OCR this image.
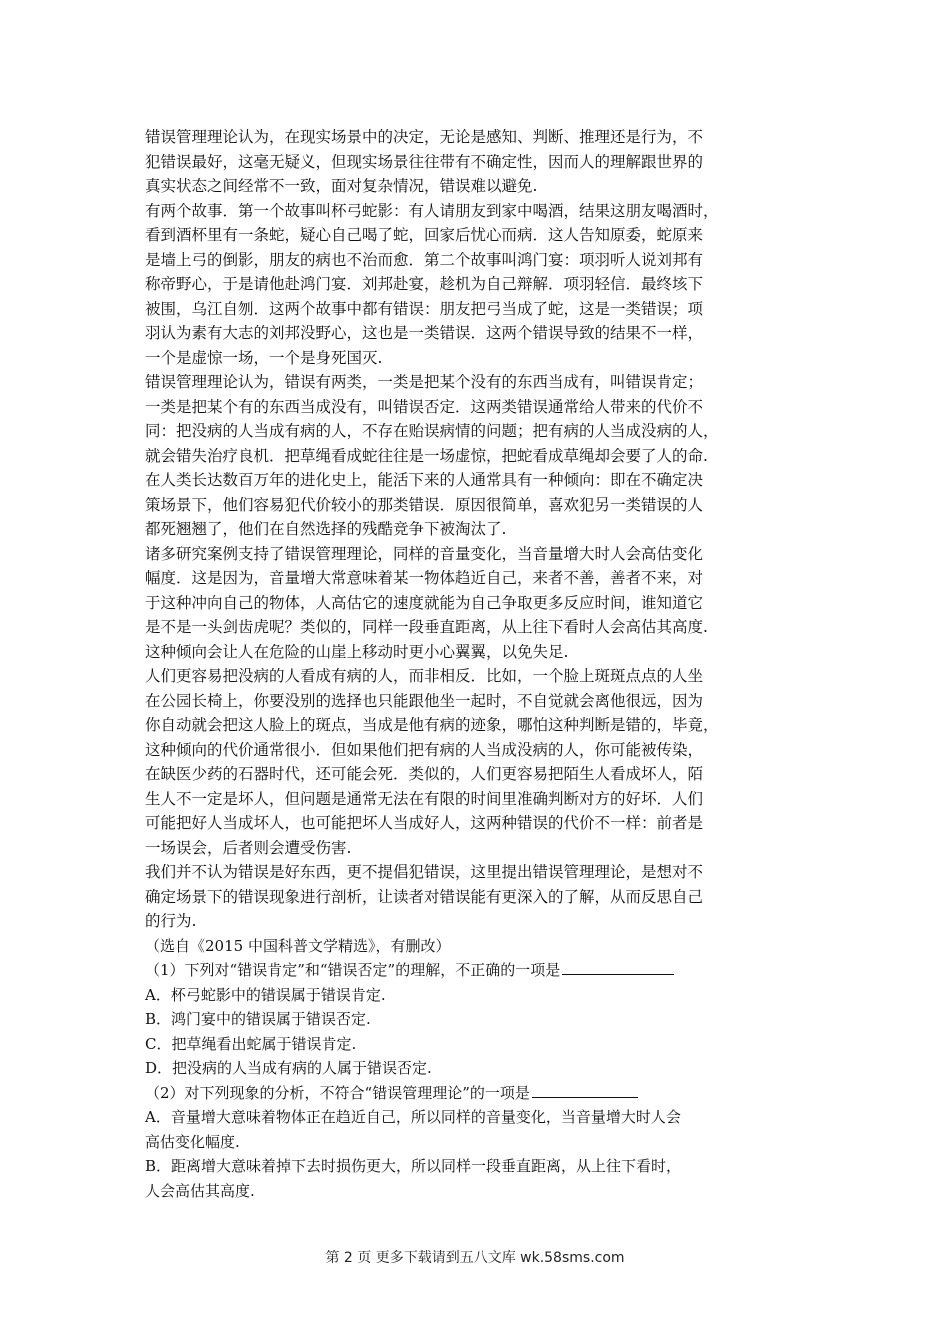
错误管理理论认为，在现实场景中的决定，无论是感知、判断、推理还是行为，不
犯错误最好，这毫无疑义，但现实场景往往带有不确定性，因而人的理解跟世界的
真实状态之间经常不一致，面对复杂情况，错误难以避免.
有两个故事．第一个故事叫杯弓蛇影：有人请朋友到家中喝酒，结果这朋友喝酒时，
看到酒杯里有一条蛇，疑心自己喝了蛇，回家后忧心而病．这人告知原委，蛇原来
是墙上弓的倒影，朋友的病也不治而愈．第二个故事叫鸿门宴：项羽听人说刘邦有
称帝野心，于是请他赴鸿门宴．刘邦赴宴，趁机为自己辩解．项羽轻信．最终垓下
被围，乌江自刎．这两个故事中都有错误：朋友把弓当成了蛇，这是一类错误；项
羽认为素有大志的刘邦没野心，这也是一类错误．这两个错误导致的结果不一样，
一个是虚惊一场，一个是身死国灭.
错误管理理论认为，错误有两类，一类是把某个没有的东西当成有，叫错误肯定；
一类是把某个有的东西当成没有，叫错误否定．这两类错误通常给人带来的代价不
同：把没病的人当成有病的人，不存在贻误病情的问题；把有病的人当成没病的人，
就会错失治疗良机．把草绳看成蛇往往是一场虚惊，把蛇看成草绳却会要了人的命.
在人类长达数百万年的进化史上，能活下来的人通常具有一种倾向：即在不确定决
策场景下，他们容易犯代价较小的那类错误．原因很简单，喜欢犯另一类错误的人
都死翘翘了，他们在自然选择的残酷竞争下被淘汰了.
诸多研究案例支持了错误管理理论，同样的音量变化，当音量增大时人会高估变化
幅度．这是因为，音量增大常意味着某一物体趋近自己，来者不善，善者不来，对
于这种冲向自己的物体，人高估它的速度就能为自己争取更多反应时间，谁知道它
是不是一头剑齿虎呢？类似的，同样一段垂直距离，从上往下看时人会高估其高度.
这种倾向会让人在危险的山崖上移动时更小心翼翼，以免失足.
人们更容易把没病的人看成有病的人，而非相反．比如，一个脸上斑斑点点的人坐
在公园长椅上，你要没别的选择也只能跟他坐一起时，不自觉就会离他很远，因为
你自动就会把这人脸上的斑点，当成是他有病的迹象，哪怕这种判断是错的，毕竟，
这种倾向的代价通常很小．但如果他们把有病的人当成没病的人，你可能被传染，
在缺医少药的石器时代，还可能会死．类似的，人们更容易把陌生人看成坏人，陌
生人不一定是坏人，但问题是通常无法在有限的时间里准确判断对方的好坏．人们
可能把好人当成坏人，也可能把坏人当成好人，这两种错误的代价不一样：前者是
一场误会，后者则会遭受伤害.
我们并不认为错误是好东西，更不提倡犯错误，这里提出错误管理理论，是想对不
确定场景下的错误现象进行剖析，让读者对错误能有更深入的了解，从而反思自己
的行为.

（选自《2015 中国科普文学精选》，有删改）

（1）下列对“错误肯定”和“错误否定”的理解，不正确的一项是

A．杯弓蛇影中的错误属于错误肯定.

B．鸿门宴中的错误属于错误否定.

C．把草绳看出蛇属于错误肯定.

D．把没病的人当成有病的人属于错误否定.

（2）对下列现象的分析，不符合“错误管理理论”的一项是

A．音量增大意味着物体正在趋近自己，所以同样的音量变化，当音量增大时人会
高估变化幅度.
B．距离增大意味着掉下去时损伤更大，所以同样一段垂直距离，从上往下看时，
人会高估其高度.
第 2 页 更多下载请到五八文库 wk.58sms.com
